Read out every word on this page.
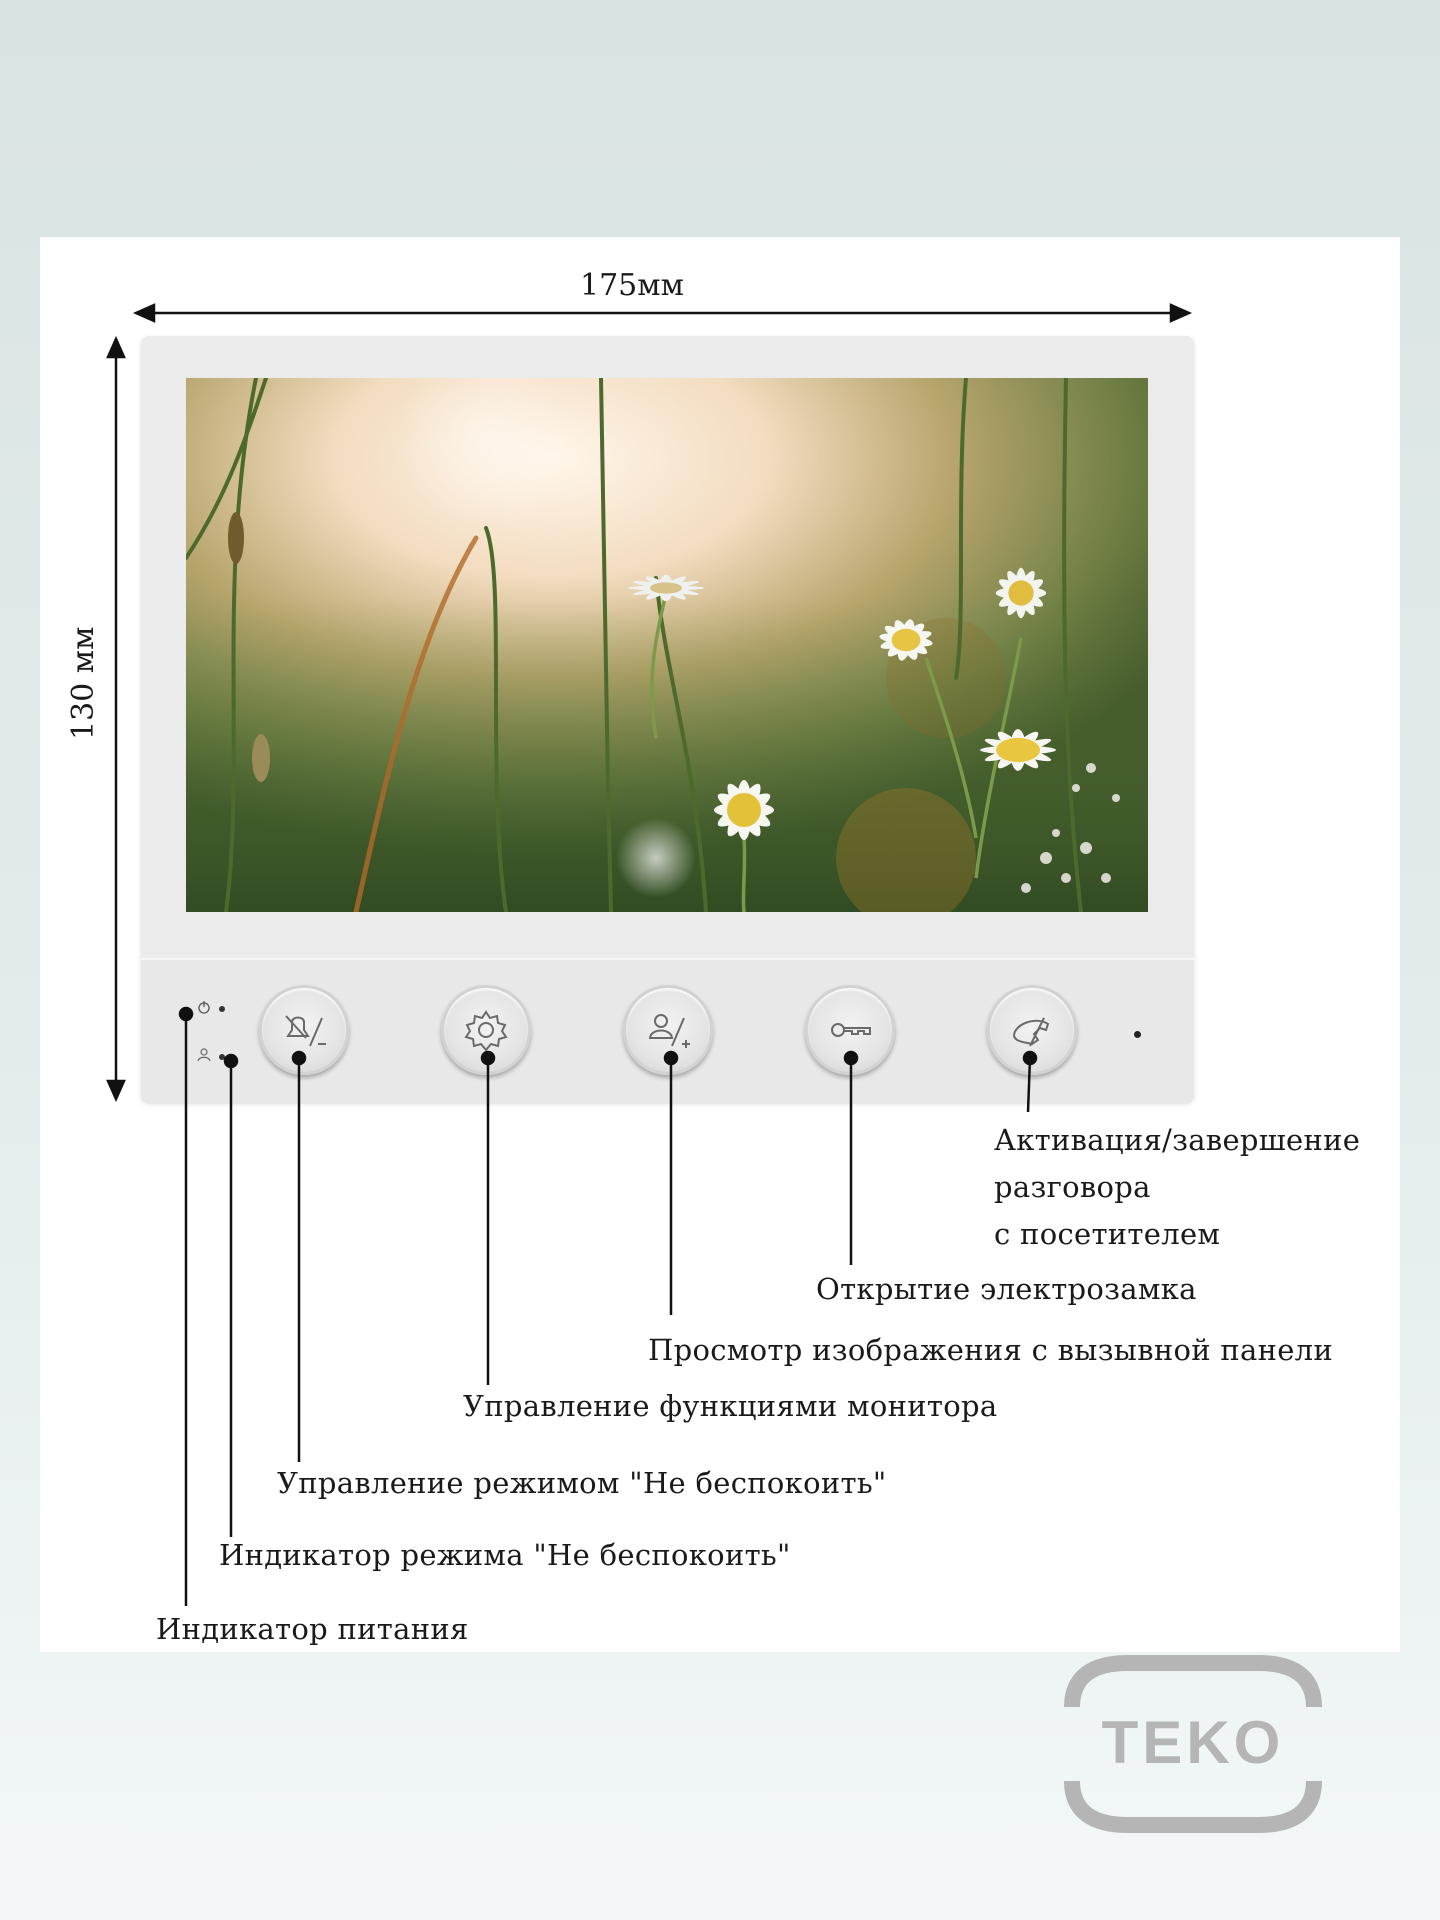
175мм
130 мм
Активация/завершение
разговора
с посетителем
Открытие электрозамка
Просмотр изображения с вызывной панели
Управление функциями монитора
Управление режимом "Не беспокоить"
Индикатор режима "Не беспокоить"
Индикатор питания
TEKO
